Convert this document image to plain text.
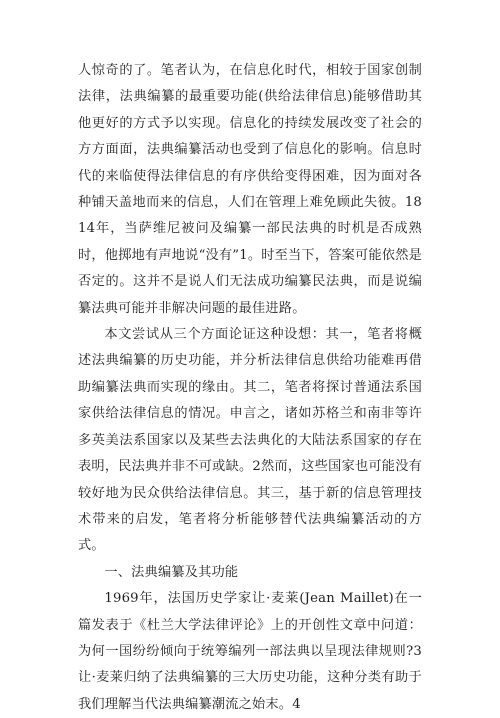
人惊奇的了。笔者认为，在信息化时代，相较于国家创制法律，法典编纂的最重要功能(供给法律信息)能够借助其他更好的方式予以实现。信息化的持续发展改变了社会的方方面面，法典编纂活动也受到了信息化的影响。信息时代的来临使得法律信息的有序供给变得困难，因为面对各种铺天盖地而来的信息，人们在管理上难免顾此失彼。1814年，当萨维尼被问及编纂一部民法典的时机是否成熟时，他掷地有声地说“没有”1。时至当下，答案可能依然是否定的。这并不是说人们无法成功编纂民法典，而是说编纂法典可能并非解决问题的最佳进路。

本文尝试从三个方面论证这种设想：其一，笔者将概述法典编纂的历史功能，并分析法律信息供给功能难再借助编纂法典而实现的缘由。其二，笔者将探讨普通法系国家供给法律信息的情况。申言之，诸如苏格兰和南非等许多英美法系国家以及某些去法典化的大陆法系国家的存在表明，民法典并非不可或缺。2然而，这些国家也可能没有较好地为民众供给法律信息。其三，基于新的信息管理技术带来的启发，笔者将分析能够替代法典编纂活动的方式。

一、法典编纂及其功能

1969年，法国历史学家让·麦莱(Jean Maillet)在一篇发表于《杜兰大学法律评论》上的开创性文章中问道：为何一国纷纷倾向于统筹编列一部法典以呈现法律规则?3让·麦莱归纳了法典编纂的三大历史功能，这种分类有助于我们理解当代法典编纂潮流之始末。4
